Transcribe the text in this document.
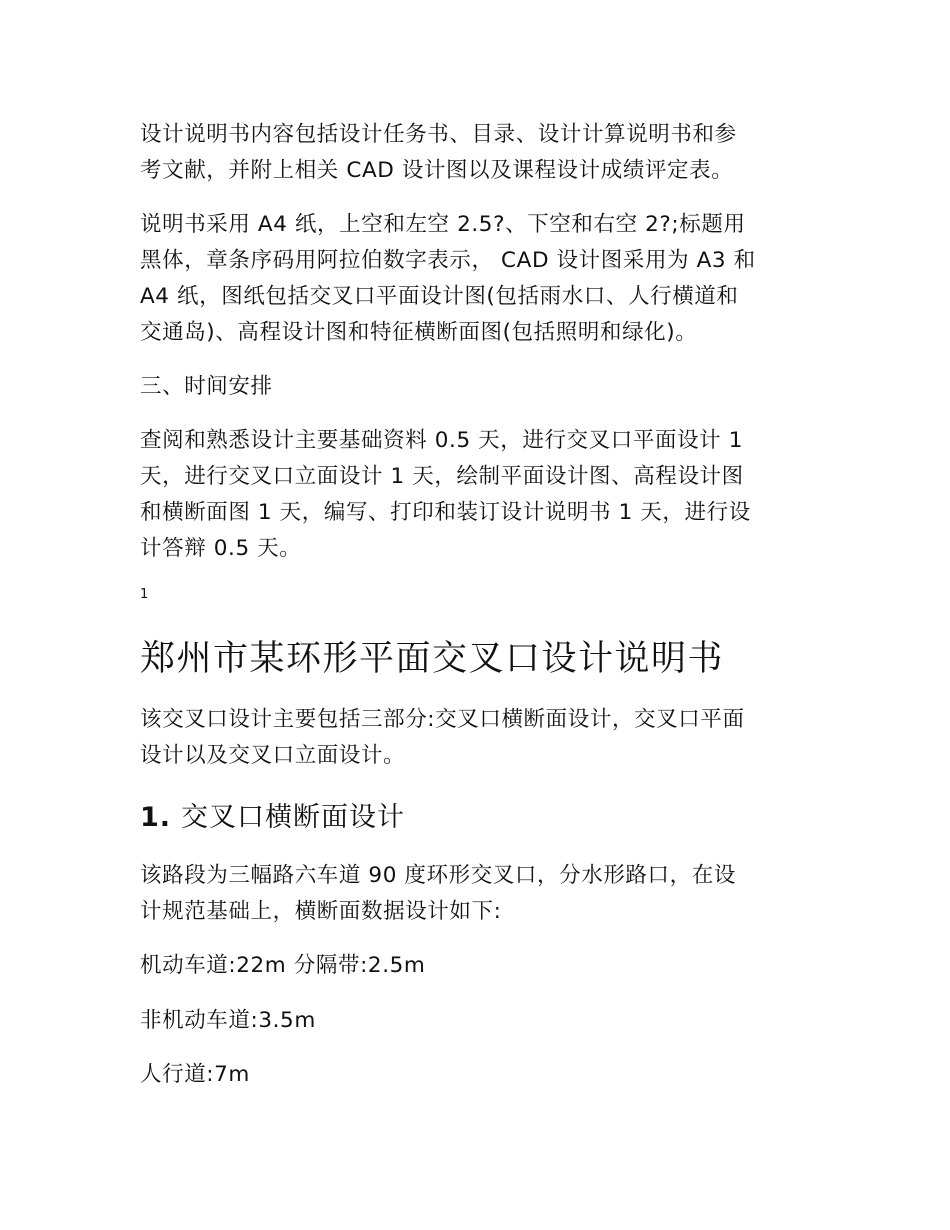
设计说明书内容包括设计任务书、目录、设计计算说明书和参
考文献，并附上相关 CAD 设计图以及课程设计成绩评定表。
说明书采用 A4 纸，上空和左空 2.5?、下空和右空 2?;标题用
黑体，章条序码用阿拉伯数字表示， CAD 设计图采用为 A3 和
A4 纸，图纸包括交叉口平面设计图(包括雨水口、人行横道和
交通岛)、高程设计图和特征横断面图(包括照明和绿化)。
三、时间安排
查阅和熟悉设计主要基础资料 0.5 天，进行交叉口平面设计 1
天，进行交叉口立面设计 1 天，绘制平面设计图、高程设计图
和横断面图 1 天，编写、打印和装订设计说明书 1 天，进行设
计答辩 0.5 天。
1
郑州市某环形平面交叉口设计说明书
该交叉口设计主要包括三部分:交叉口横断面设计，交叉口平面
设计以及交叉口立面设计。
1. 交叉口横断面设计
该路段为三幅路六车道 90 度环形交叉口，分水形路口，在设
计规范基础上，横断面数据设计如下:
机动车道:22m 分隔带:2.5m
非机动车道:3.5m
人行道:7m
